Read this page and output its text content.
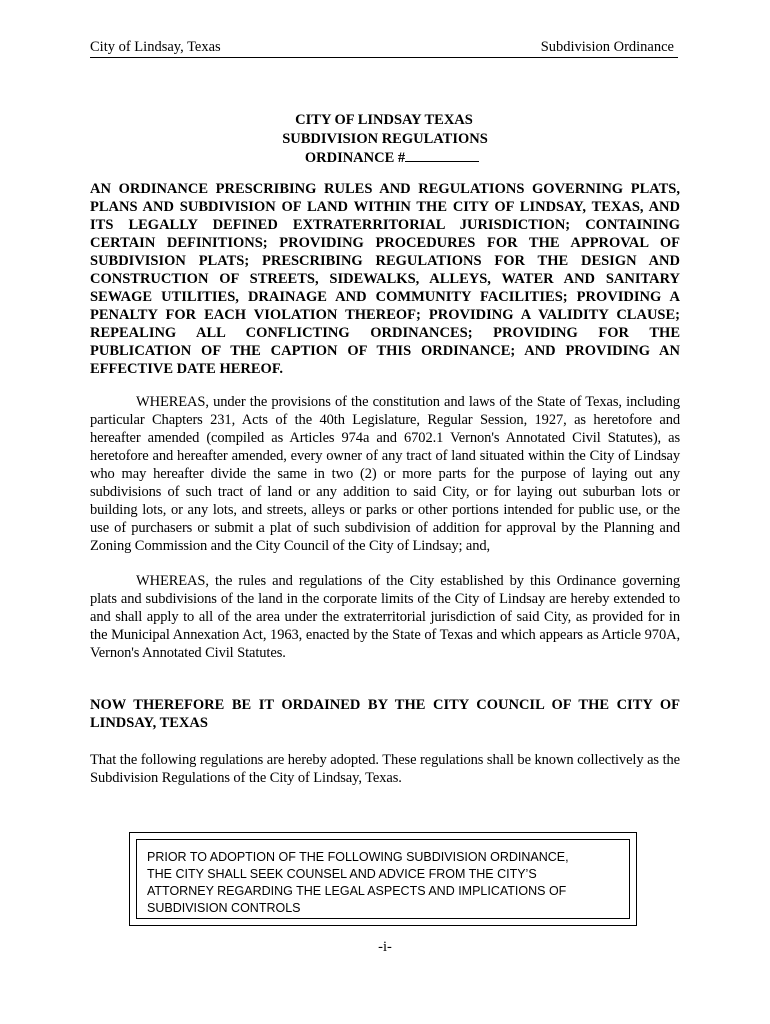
City of Lindsay, Texas	Subdivision Ordinance
CITY OF LINDSAY TEXAS
SUBDIVISION REGULATIONS
ORDINANCE #
AN ORDINANCE PRESCRIBING RULES AND REGULATIONS GOVERNING PLATS, PLANS AND SUBDIVISION OF LAND WITHIN THE CITY OF LINDSAY, TEXAS, AND ITS LEGALLY DEFINED EXTRATERRITORIAL JURISDICTION; CONTAINING CERTAIN DEFINITIONS; PROVIDING PROCEDURES FOR THE APPROVAL OF SUBDIVISION PLATS; PRESCRIBING REGULATIONS FOR THE DESIGN AND CONSTRUCTION OF STREETS, SIDEWALKS, ALLEYS, WATER AND SANITARY SEWAGE UTILITIES, DRAINAGE AND COMMUNITY FACILITIES; PROVIDING A PENALTY FOR EACH VIOLATION THEREOF; PROVIDING A VALIDITY CLAUSE; REPEALING ALL CONFLICTING ORDINANCES; PROVIDING FOR THE PUBLICATION OF THE CAPTION OF THIS ORDINANCE; AND PROVIDING AN EFFECTIVE DATE HEREOF.
WHEREAS, under the provisions of the constitution and laws of the State of Texas, including particular Chapters 231, Acts of the 40th Legislature, Regular Session, 1927, as heretofore and hereafter amended (compiled as Articles 974a and 6702.1 Vernon's Annotated Civil Statutes), as heretofore and hereafter amended, every owner of any tract of land situated within the City of Lindsay who may hereafter divide the same in two (2) or more parts for the purpose of laying out any subdivisions of such tract of land or any addition to said City, or for laying out suburban lots or building lots, or any lots, and streets, alleys or parks or other portions intended for public use, or the use of purchasers or submit a plat of such subdivision of addition for approval by the Planning and Zoning Commission and the City Council of the City of Lindsay; and,
WHEREAS, the rules and regulations of the City established by this Ordinance governing plats and subdivisions of the land in the corporate limits of the City of Lindsay are hereby extended to and shall apply to all of the area under the extraterritorial jurisdiction of said City, as provided for in the Municipal Annexation Act, 1963, enacted by the State of Texas and which appears as Article 970A, Vernon's Annotated Civil Statutes.
NOW THEREFORE BE IT ORDAINED BY THE CITY COUNCIL OF THE CITY OF LINDSAY, TEXAS
That the following regulations are hereby adopted. These regulations shall be known collectively as the Subdivision Regulations of the City of Lindsay, Texas.
PRIOR TO ADOPTION OF THE FOLLOWING SUBDIVISION ORDINANCE,
THE CITY SHALL SEEK COUNSEL AND ADVICE FROM THE CITY’S
ATTORNEY REGARDING THE LEGAL ASPECTS AND IMPLICATIONS OF
SUBDIVISION CONTROLS
-i-
